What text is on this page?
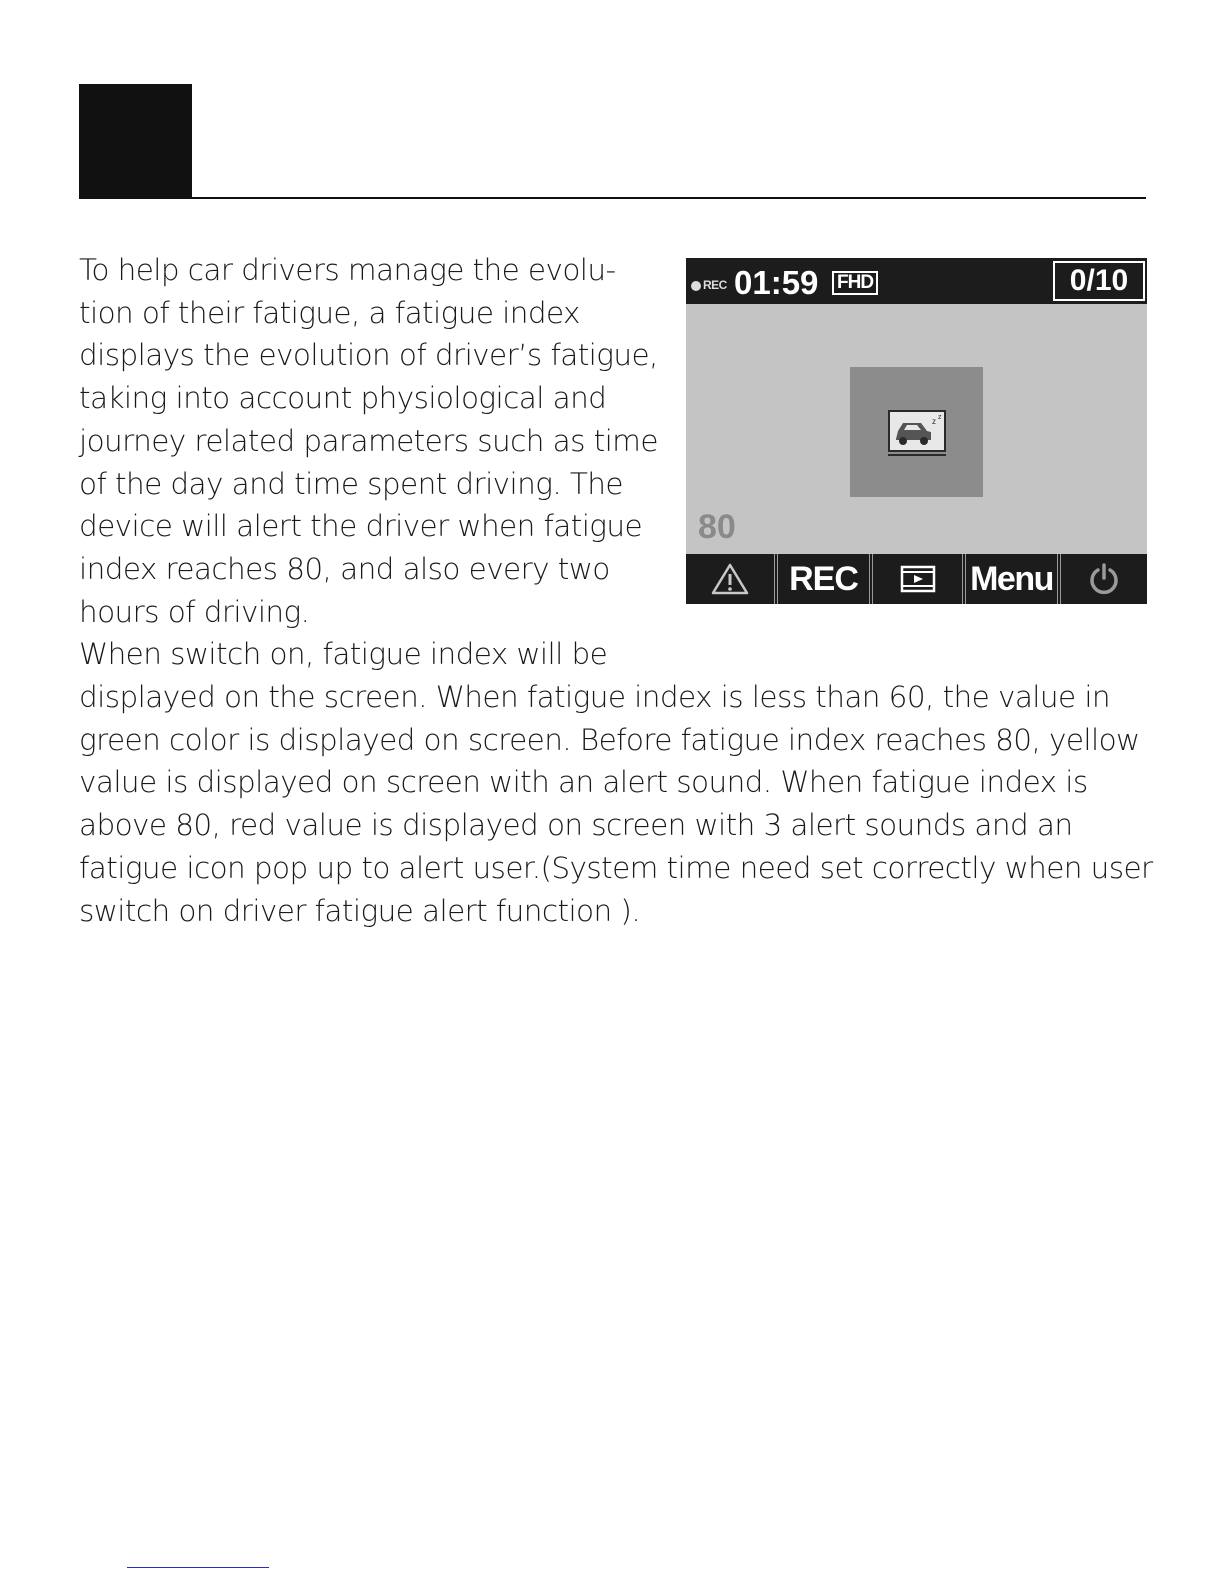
To help car drivers manage the evolu-
tion of their fatigue, a fatigue index
displays the evolution of driver’s fatigue,
taking into account physiological and
journey related parameters such as time
of the day and time spent driving. The
device will alert the driver when fatigue
index reaches 80, and also every two
hours of driving.
When switch on, fatigue index will be
displayed on the screen. When fatigue index is less than 60, the value in
green color is displayed on screen. Before fatigue index reaches 80, yellow
value is displayed on screen with an alert sound. When fatigue index is
above 80, red value is displayed on screen with 3 alert sounds and an
fatigue icon pop up to alert user.(System time need set correctly when user
switch on driver fatigue alert function ).

REC 01:59 FHD	0/10
z z
80
REC	Menu
